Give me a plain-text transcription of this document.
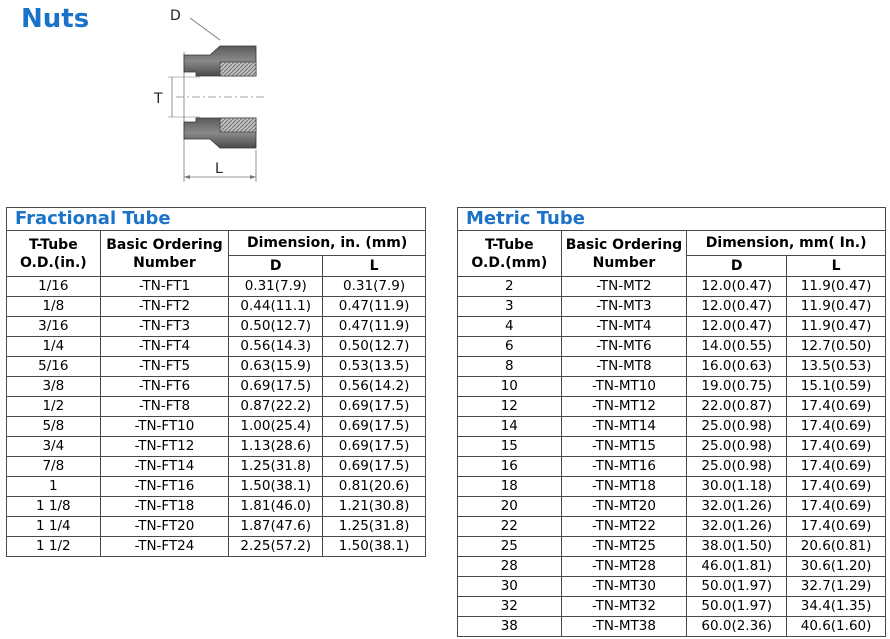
Nuts	D
T
L
Fractional Tube			
T-Tube
O.D.(in.)	Basic Ordering
Number	Dimension, in. (mm)	
		D	L
1/16	-TN-FT1	0.31(7.9)	0.31(7.9)
1/8	-TN-FT2	0.44(11.1)	0.47(11.9)
3/16	-TN-FT3	0.50(12.7)	0.47(11.9)
1/4	-TN-FT4	0.56(14.3)	0.50(12.7)
5/16	-TN-FT5	0.63(15.9)	0.53(13.5)
3/8	-TN-FT6	0.69(17.5)	0.56(14.2)
1/2	-TN-FT8	0.87(22.2)	0.69(17.5)
5/8	-TN-FT10	1.00(25.4)	0.69(17.5)
3/4	-TN-FT12	1.13(28.6)	0.69(17.5)
7/8	-TN-FT14	1.25(31.8)	0.69(17.5)
1	-TN-FT16	1.50(38.1)	0.81(20.6)
1 1/8	-TN-FT18	1.81(46.0)	1.21(30.8)
1 1/4	-TN-FT20	1.87(47.6)	1.25(31.8)
1 1/2	-TN-FT24	2.25(57.2)	1.50(38.1)
Metric Tube			
T-Tube
O.D.(mm)	Basic Ordering
Number	Dimension, mm( In.)	
		D	L
2	-TN-MT2	12.0(0.47)	11.9(0.47)
3	-TN-MT3	12.0(0.47)	11.9(0.47)
4	-TN-MT4	12.0(0.47)	11.9(0.47)
6	-TN-MT6	14.0(0.55)	12.7(0.50)
8	-TN-MT8	16.0(0.63)	13.5(0.53)
10	-TN-MT10	19.0(0.75)	15.1(0.59)
12	-TN-MT12	22.0(0.87)	17.4(0.69)
14	-TN-MT14	25.0(0.98)	17.4(0.69)
15	-TN-MT15	25.0(0.98)	17.4(0.69)
16	-TN-MT16	25.0(0.98)	17.4(0.69)
18	-TN-MT18	30.0(1.18)	17.4(0.69)
20	-TN-MT20	32.0(1.26)	17.4(0.69)
22	-TN-MT22	32.0(1.26)	17.4(0.69)
25	-TN-MT25	38.0(1.50)	20.6(0.81)
28	-TN-MT28	46.0(1.81)	30.6(1.20)
30	-TN-MT30	50.0(1.97)	32.7(1.29)
32	-TN-MT32	50.0(1.97)	34.4(1.35)
38	-TN-MT38	60.0(2.36)	40.6(1.60)
